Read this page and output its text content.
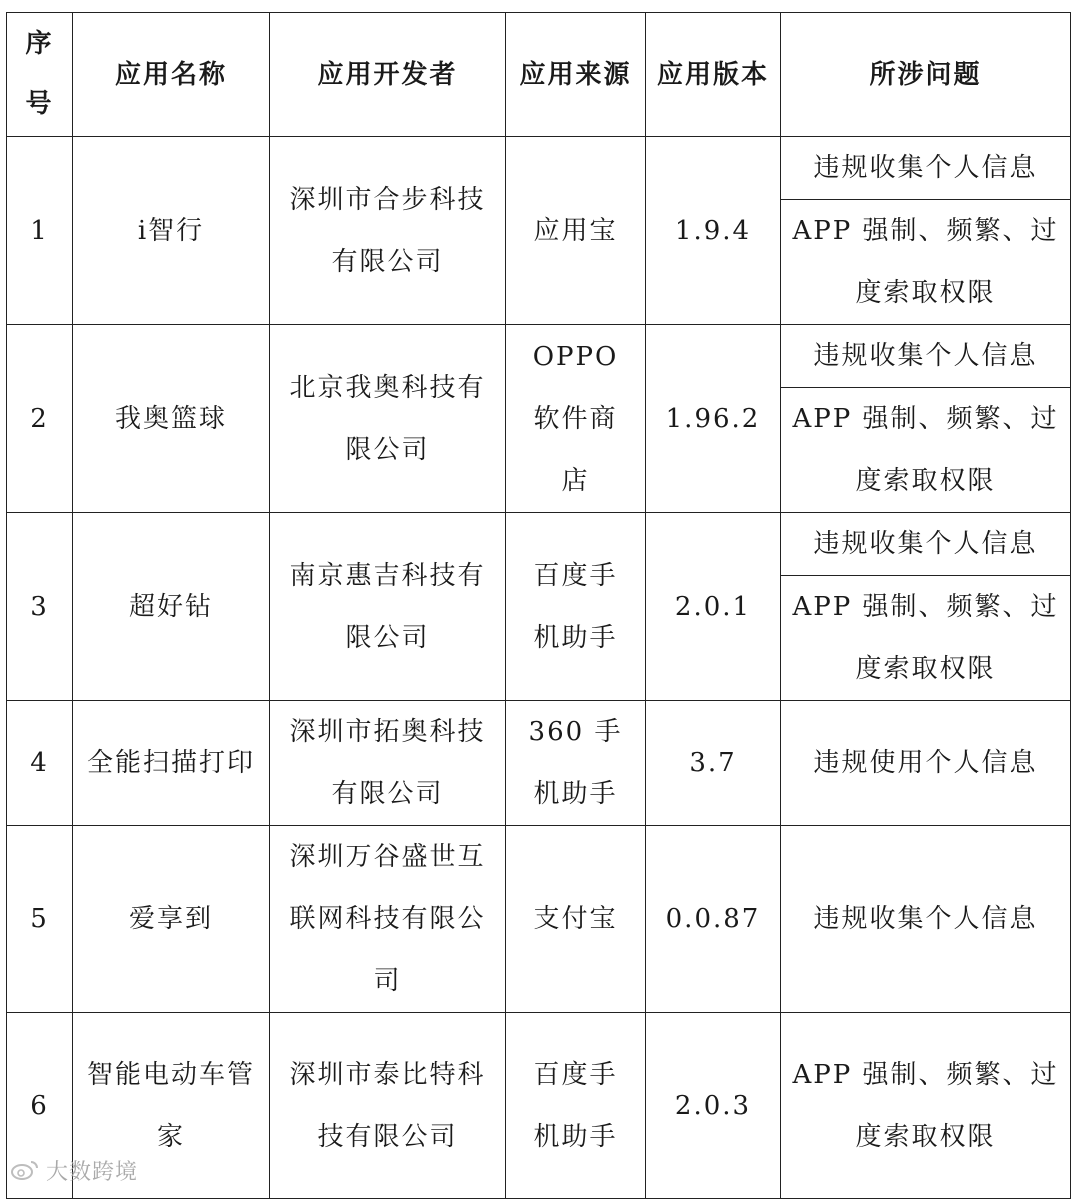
序号	应用名称	应用开发者	应用来源	应用版本	所涉问题
1	i智行	深圳市合步科技有限公司	应用宝	1.9.4	违规收集个人信息

					APP 强制、频繁、过度索取权限

2	我奥篮球	北京我奥科技有限公司	OPPO 软件商店	1.96.2	违规收集个人信息

					APP 强制、频繁、过度索取权限

3	超好钻	南京惠吉科技有限公司	百度手机助手	2.0.1	违规收集个人信息

					APP 强制、频繁、过度索取权限

4	全能扫描打印	深圳市拓奥科技有限公司	360 手机助手	3.7	违规使用个人信息

5	爱享到	深圳万谷盛世互联网科技有限公司	支付宝	0.0.87	违规收集个人信息

6	智能电动车管家	深圳市泰比特科技有限公司	百度手机助手	2.0.3	APP 强制、频繁、过度索取权限
大数跨境
